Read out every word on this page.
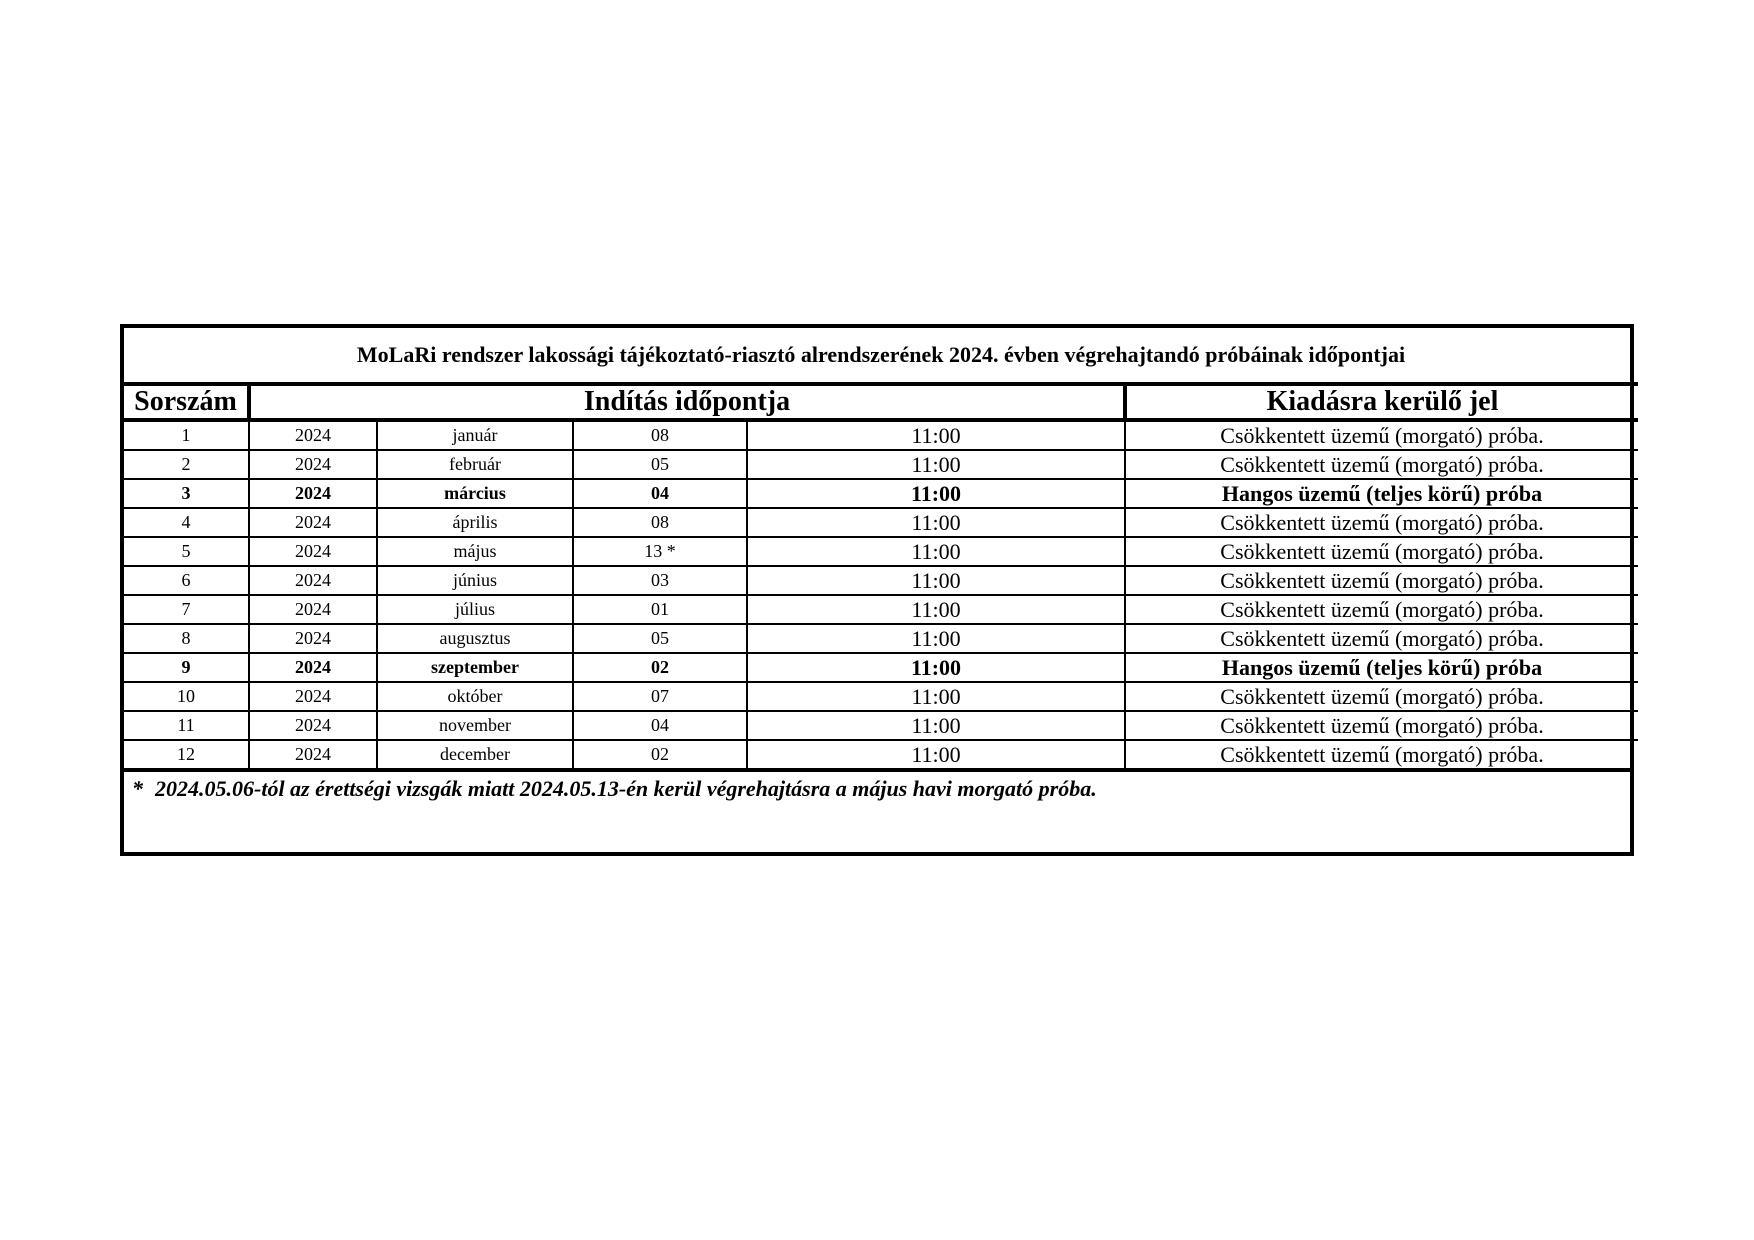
MoLaRi rendszer lakossági tájékoztató-riasztó alrendszerének 2024. évben végrehajtandó próbáinak időpontjai					
Sorszám	Indítás időpontja				Kiadásra kerülő jel
1	2024	január	08	11:00	Csökkentett üzemű (morgató) próba.
2	2024	február	05	11:00	Csökkentett üzemű (morgató) próba.
3	2024	március	04	11:00	Hangos üzemű (teljes körű) próba
4	2024	április	08	11:00	Csökkentett üzemű (morgató) próba.
5	2024	május	13 *	11:00	Csökkentett üzemű (morgató) próba.
6	2024	június	03	11:00	Csökkentett üzemű (morgató) próba.
7	2024	július	01	11:00	Csökkentett üzemű (morgató) próba.
8	2024	augusztus	05	11:00	Csökkentett üzemű (morgató) próba.
9	2024	szeptember	02	11:00	Hangos üzemű (teljes körű) próba
10	2024	október	07	11:00	Csökkentett üzemű (morgató) próba.
11	2024	november	04	11:00	Csökkentett üzemű (morgató) próba.
12	2024	december	02	11:00	Csökkentett üzemű (morgató) próba.
* 2024.05.06-tól az érettségi vizsgák miatt 2024.05.13-én kerül végrehajtásra a május havi morgató próba.
